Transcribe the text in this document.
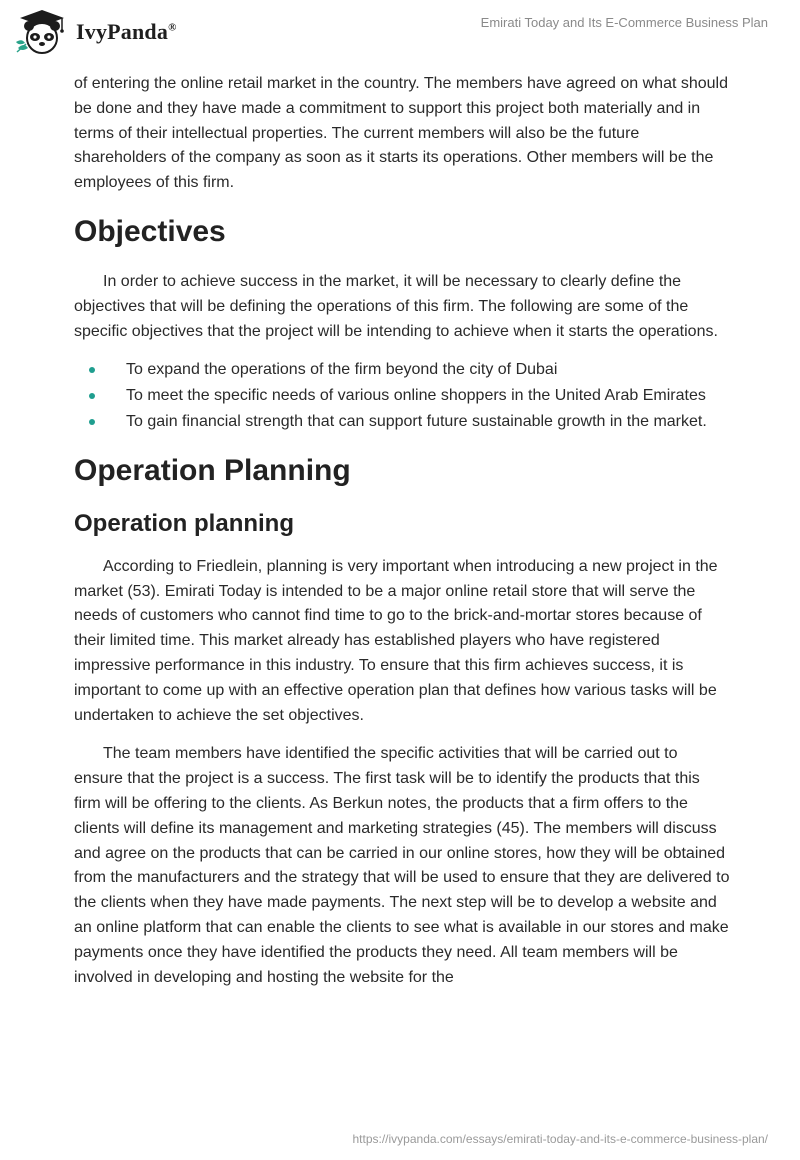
IvyPanda®	Emirati Today and Its E-Commerce Business Plan

of entering the online retail market in the country. The members have agreed on what should be done and they have made a commitment to support this project both materially and in terms of their intellectual properties. The current members will also be the future shareholders of the company as soon as it starts its operations. Other members will be the employees of this firm.

Objectives

In order to achieve success in the market, it will be necessary to clearly define the objectives that will be defining the operations of this firm. The following are some of the specific objectives that the project will be intending to achieve when it starts the operations.

To expand the operations of the firm beyond the city of Dubai
To meet the specific needs of various online shoppers in the United Arab Emirates
To gain financial strength that can support future sustainable growth in the market.
Operation Planning
Operation planning

According to Friedlein, planning is very important when introducing a new project in the market (53). Emirati Today is intended to be a major online retail store that will serve the needs of customers who cannot find time to go to the brick-and-mortar stores because of their limited time. This market already has established players who have registered impressive performance in this industry. To ensure that this firm achieves success, it is important to come up with an effective operation plan that defines how various tasks will be undertaken to achieve the set objectives.

The team members have identified the specific activities that will be carried out to ensure that the project is a success. The first task will be to identify the products that this firm will be offering to the clients. As Berkun notes, the products that a firm offers to the clients will define its management and marketing strategies (45). The members will discuss and agree on the products that can be carried in our online stores, how they will be obtained from the manufacturers and the strategy that will be used to ensure that they are delivered to the clients when they have made payments. The next step will be to develop a website and an online platform that can enable the clients to see what is available in our stores and make payments once they have identified the products they need. All team members will be involved in developing and hosting the website for the

https://ivypanda.com/essays/emirati-today-and-its-e-commerce-business-plan/
